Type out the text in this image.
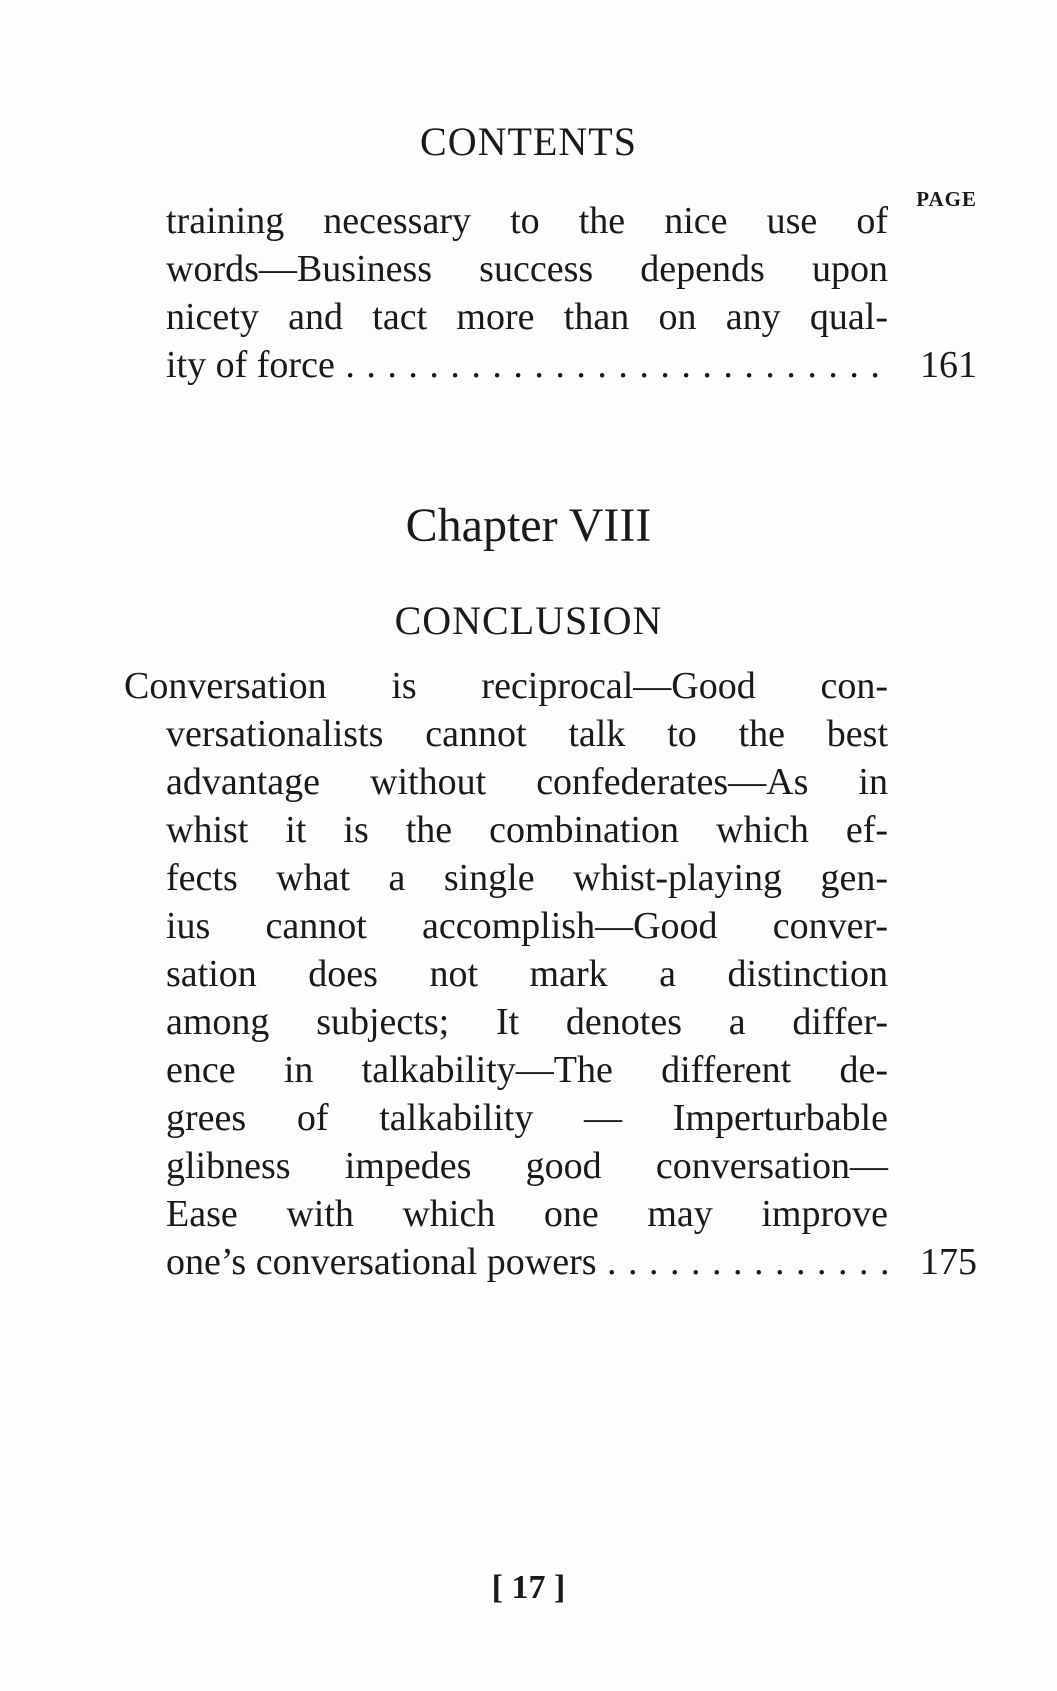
CONTENTS
PAGE
training necessary to the nice use of
words—Business success depends upon
nicety and tact more than on any qual-
ity of force . . .	161
Chapter VIII
CONCLUSION
Conversation is reciprocal—Good con-
versationalists cannot talk to the best
advantage without confederates—As in
whist it is the combination which ef-
fects what a single whist-playing gen-
ius cannot accomplish—Good conver-
sation does not mark a distinction
among subjects; It denotes a differ-
ence in talkability—The different de-
grees of talkability — Imperturbable
glibness impedes good conversation—
Ease with which one may improve
one’s conversational powers . . .	175
[ 17 ]
